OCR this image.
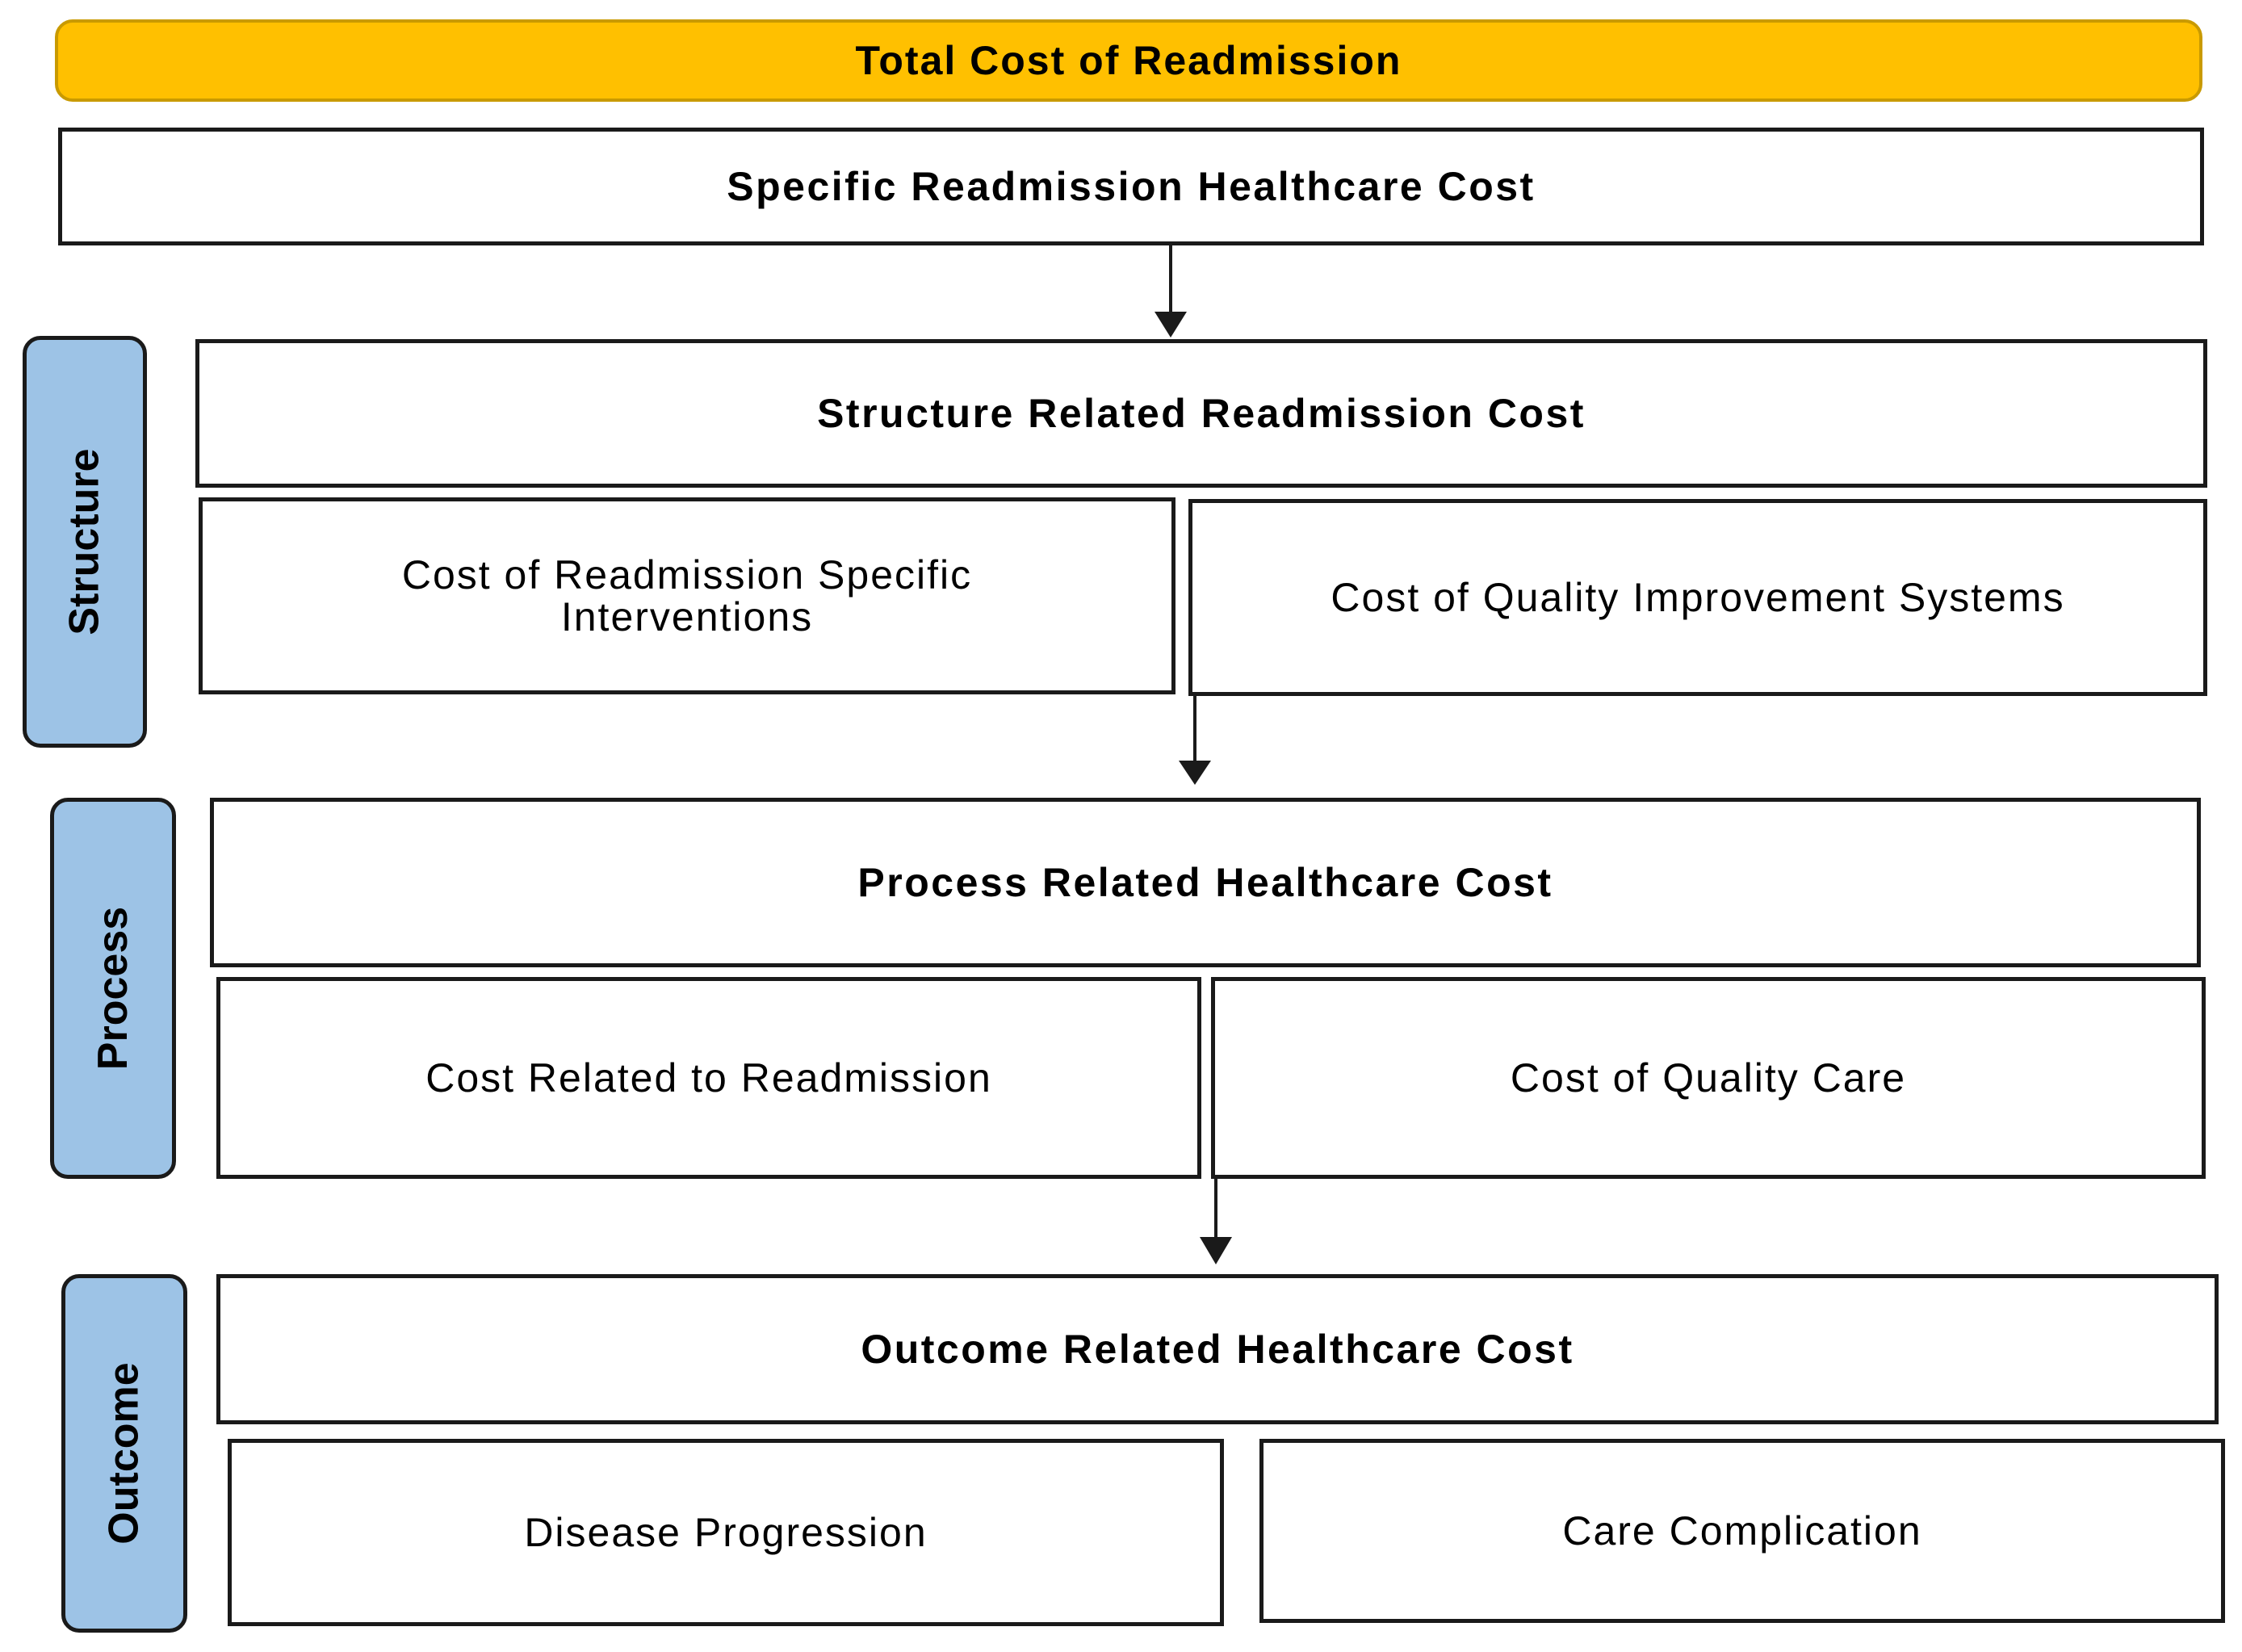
Total Cost of Readmission
Specific Readmission Healthcare Cost
Structure
Structure Related Readmission Cost
Cost of Readmission Specific Interventions	Cost of Quality Improvement Systems
Process
Process Related Healthcare Cost
Cost Related to Readmission	Cost of Quality Care
Outcome
Outcome Related Healthcare Cost
Disease Progression	Care Complication
